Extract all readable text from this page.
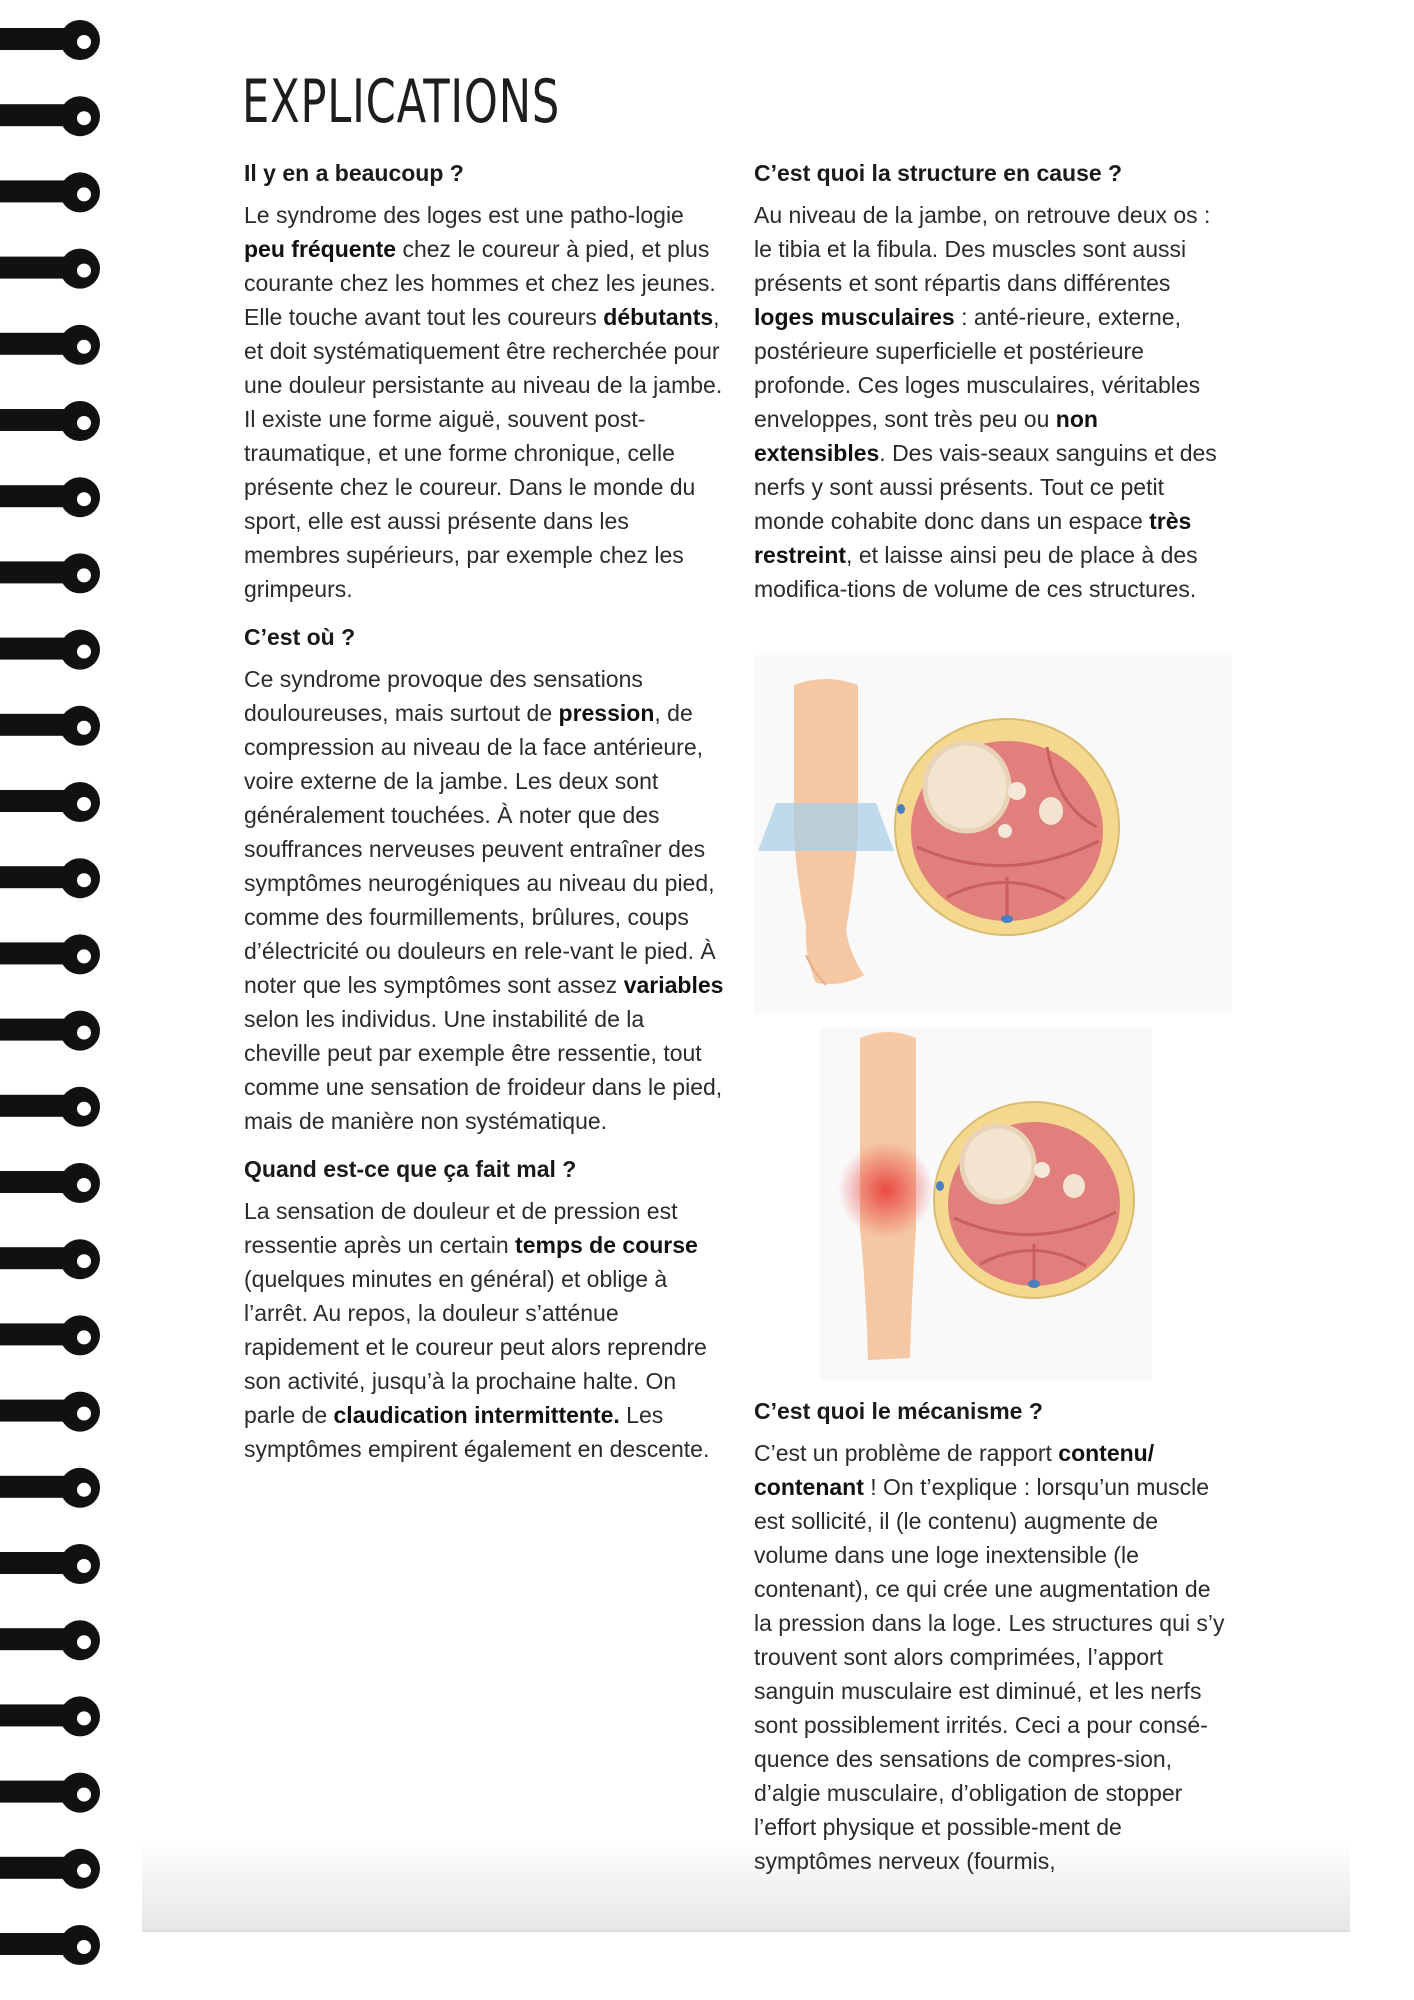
EXPLICATIONS
Il y en a beaucoup ?

Le syndrome des loges est une patho-logie peu fréquente chez le coureur à pied, et plus courante chez les hommes et chez les jeunes. Elle touche avant tout les coureurs débutants, et doit systématiquement être recherchée pour une douleur persistante au niveau de la jambe. Il existe une forme aiguë, souvent post-traumatique, et une forme chronique, celle présente chez le coureur. Dans le monde du sport, elle est aussi présente dans les membres supérieurs, par exemple chez les grimpeurs.

C’est où ?

Ce syndrome provoque des sensations douloureuses, mais surtout de pression, de compression au niveau de la face antérieure, voire externe de la jambe. Les deux sont généralement touchées. À noter que des souffrances nerveuses peuvent entraîner des symptômes neurogéniques au niveau du pied, comme des fourmillements, brûlures, coups d’électricité ou douleurs en rele-vant le pied. À noter que les symptômes sont assez variables selon les individus. Une instabilité de la cheville peut par exemple être ressentie, tout comme une sensation de froideur dans le pied, mais de manière non systématique.

Quand est-ce que ça fait mal ?

La sensation de douleur et de pression est ressentie après un certain temps de course (quelques minutes en général) et oblige à l’arrêt. Au repos, la douleur s’atténue rapidement et le coureur peut alors reprendre son activité, jusqu’à la prochaine halte. On parle de claudication intermittente. Les symptômes empirent également en descente.

C’est quoi la structure en cause ?

Au niveau de la jambe, on retrouve deux os : le tibia et la fibula. Des muscles sont aussi présents et sont répartis dans différentes loges musculaires : anté-rieure, externe, postérieure superficielle et postérieure profonde. Ces loges musculaires, véritables enveloppes, sont très peu ou non extensibles. Des vais-seaux sanguins et des nerfs y sont aussi présents. Tout ce petit monde cohabite donc dans un espace très restreint, et laisse ainsi peu de place à des modifica-tions de volume de ces structures.

C’est quoi le mécanisme ?

C’est un problème de rapport contenu/ contenant ! On t’explique : lorsqu’un muscle est sollicité, il (le contenu) augmente de volume dans une loge inextensible (le contenant), ce qui crée une augmentation de la pression dans la loge. Les structures qui s’y trouvent sont alors comprimées, l’apport sanguin musculaire est diminué, et les nerfs sont possiblement irrités. Ceci a pour consé-quence des sensations de compres-sion, d’algie musculaire, d’obligation de stopper l’effort physique et possible-ment de symptômes nerveux (fourmis,
